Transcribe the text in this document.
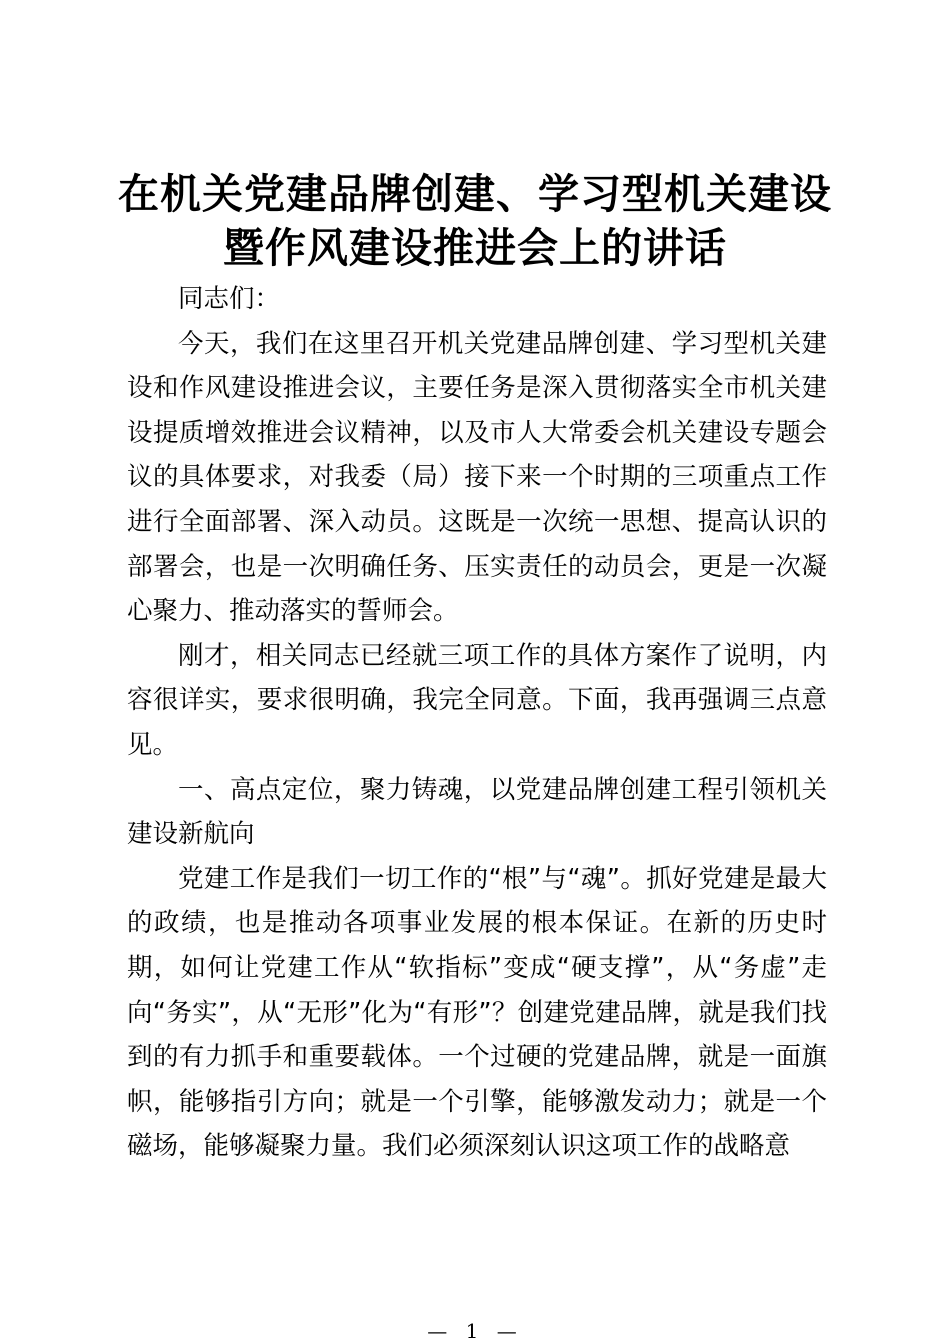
在机关党建品牌创建、学习型机关建设
暨作风建设推进会上的讲话

同志们：

今天，我们在这里召开机关党建品牌创建、学习型机关建设和作风建设推进会议，主要任务是深入贯彻落实全市机关建设提质增效推进会议精神，以及市人大常委会机关建设专题会议的具体要求，对我委（局）接下来一个时期的三项重点工作进行全面部署、深入动员。这既是一次统一思想、提高认识的部署会，也是一次明确任务、压实责任的动员会，更是一次凝心聚力、推动落实的誓师会。

刚才，相关同志已经就三项工作的具体方案作了说明，内容很详实，要求很明确，我完全同意。下面，我再强调三点意见。

一、高点定位，聚力铸魂，以党建品牌创建工程引领机关建设新航向

党建工作是我们一切工作的“根”与“魂”。抓好党建是最大的政绩，也是推动各项事业发展的根本保证。在新的历史时期，如何让党建工作从“软指标”变成“硬支撑”，从“务虚”走向“务实”，从“无形”化为“有形”？创建党建品牌，就是我们找到的有力抓手和重要载体。一个过硬的党建品牌，就是一面旗帜，能够指引方向；就是一个引擎，能够激发动力；就是一个磁场，能够凝聚力量。我们必须深刻认识这项工作的战略意

— 1 —
